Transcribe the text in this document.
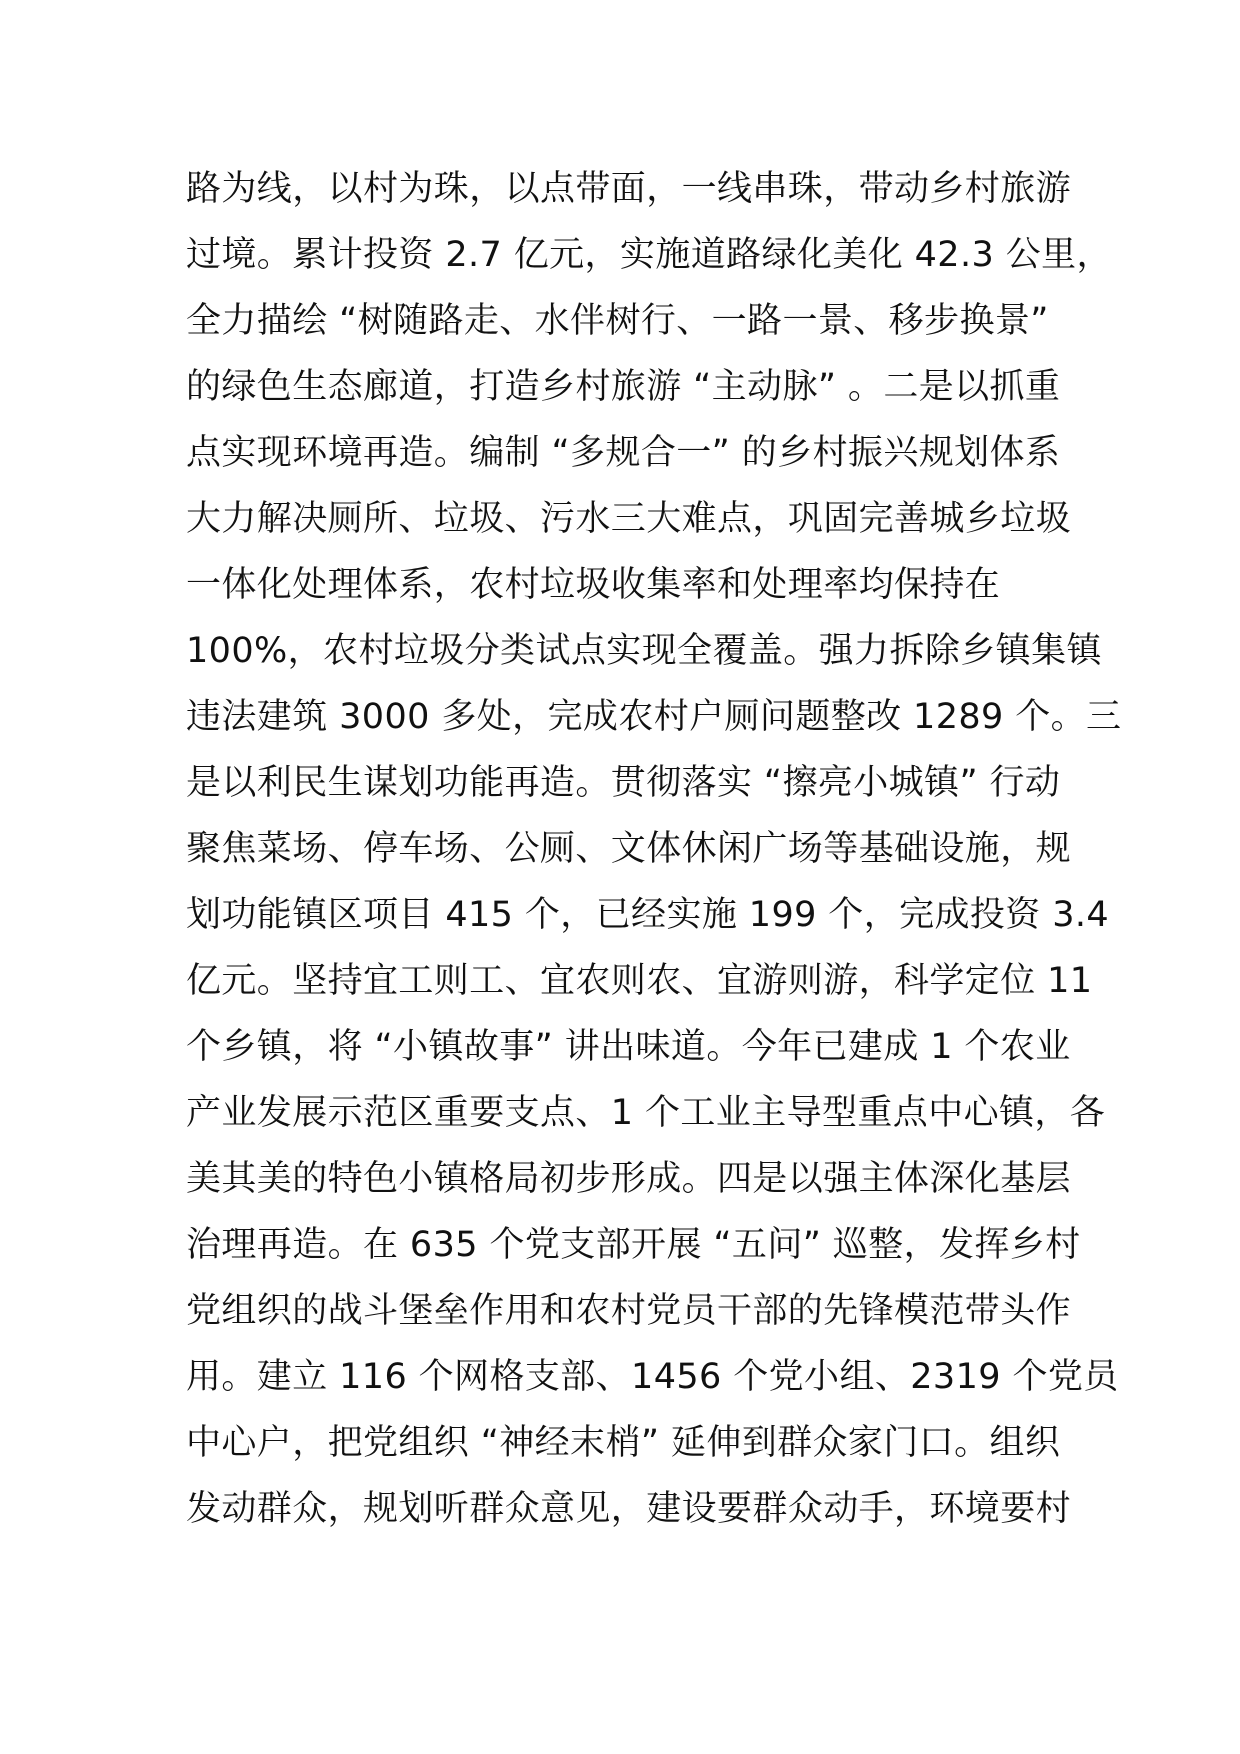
路为线，以村为珠，以点带面，一线串珠，带动乡村旅游
过境。累计投资 2.7 亿元，实施道路绿化美化 42.3 公里，
全力描绘 “树随路走、水伴树行、一路一景、移步换景”
的绿色生态廊道，打造乡村旅游 “主动脉” 。二是以抓重
点实现环境再造。编制 “多规合一” 的乡村振兴规划体系
大力解决厕所、垃圾、污水三大难点，巩固完善城乡垃圾
一体化处理体系，农村垃圾收集率和处理率均保持在
100%，农村垃圾分类试点实现全覆盖。强力拆除乡镇集镇
违法建筑 3000 多处，完成农村户厕问题整改 1289 个。三
是以利民生谋划功能再造。贯彻落实 “擦亮小城镇” 行动
聚焦菜场、停车场、公厕、文体休闲广场等基础设施，规
划功能镇区项目 415 个，已经实施 199 个，完成投资 3.4
亿元。坚持宜工则工、宜农则农、宜游则游，科学定位 11
个乡镇，将 “小镇故事” 讲出味道。今年已建成 1 个农业
产业发展示范区重要支点、1 个工业主导型重点中心镇，各
美其美的特色小镇格局初步形成。四是以强主体深化基层
治理再造。在 635 个党支部开展 “五问” 巡整，发挥乡村
党组织的战斗堡垒作用和农村党员干部的先锋模范带头作
用。建立 116 个网格支部、1456 个党小组、2319 个党员
中心户，把党组织 “神经末梢” 延伸到群众家门口。组织
发动群众，规划听群众意见，建设要群众动手，环境要村
